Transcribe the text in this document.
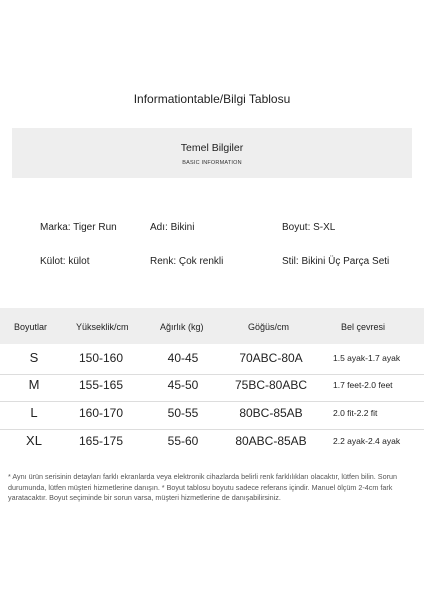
Informationtable/Bilgi Tablosu
Temel Bilgiler
BASIC INFORMATION
Marka: Tiger Run	Adı: Bikini	Boyut: S-XL
Külot: külot	Renk: Çok renkli	Stil: Bikini Üç Parça Seti
Boyutlar	Yükseklik/cm	Ağırlık (kg)	Göğüs/cm	Bel çevresi
S	150-160	40-45	70ABC-80A	1.5 ayak-1.7 ayak
M	155-165	45-50	75BC-80ABC	1.7 feet-2.0 feet
L	160-170	50-55	80BC-85AB	2.0 fit-2.2 fit
XL	165-175	55-60	80ABC-85AB	2.2 ayak-2.4 ayak
* Aynı ürün serisinin detayları farklı ekranlarda veya elektronik cihazlarda belirli renk farklılıkları olacaktır, lütfen bilin. Sorun durumunda, lütfen müşteri hizmetlerine danışın. * Boyut tablosu boyutu sadece referans içindir. Manuel ölçüm 2-4cm fark yaratacaktır. Boyut seçiminde bir sorun varsa, müşteri hizmetlerine de danışabilirsiniz.
